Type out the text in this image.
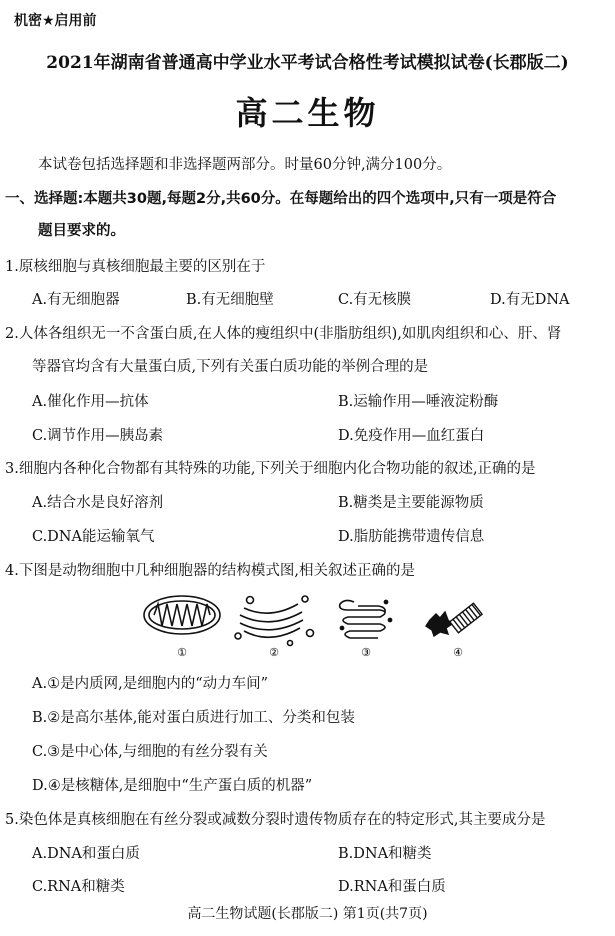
机密★启用前
2021年湖南省普通高中学业水平考试合格性考试模拟试卷(长郡版二)
高二生物
本试卷包括选择题和非选择题两部分。时量60分钟,满分100分。
一、选择题:本题共30题,每题2分,共60分。在每题给出的四个选项中,只有一项是符合
题目要求的。
1.原核细胞与真核细胞最主要的区别在于
A.有无细胞器	B.有无细胞壁	C.有无核膜	D.有无DNA
2.人体各组织无一不含蛋白质,在人体的瘦组织中(非脂肪组织),如肌肉组织和心、肝、肾
等器官均含有大量蛋白质,下列有关蛋白质功能的举例合理的是
A.催化作用—抗体	B.运输作用—唾液淀粉酶
C.调节作用—胰岛素	D.免疫作用—血红蛋白
3.细胞内各种化合物都有其特殊的功能,下列关于细胞内化合物功能的叙述,正确的是
A.结合水是良好溶剂	B.糖类是主要能源物质
C.DNA能运输氧气	D.脂肪能携带遗传信息
4.下图是动物细胞中几种细胞器的结构模式图,相关叙述正确的是
①	②	③	④
A.①是内质网,是细胞内的“动力车间”
B.②是高尔基体,能对蛋白质进行加工、分类和包装
C.③是中心体,与细胞的有丝分裂有关
D.④是核糖体,是细胞中“生产蛋白质的机器”
5.染色体是真核细胞在有丝分裂或减数分裂时遗传物质存在的特定形式,其主要成分是
A.DNA和蛋白质	B.DNA和糖类
C.RNA和糖类	D.RNA和蛋白质
高二生物试题(长郡版二) 第1页(共7页)
